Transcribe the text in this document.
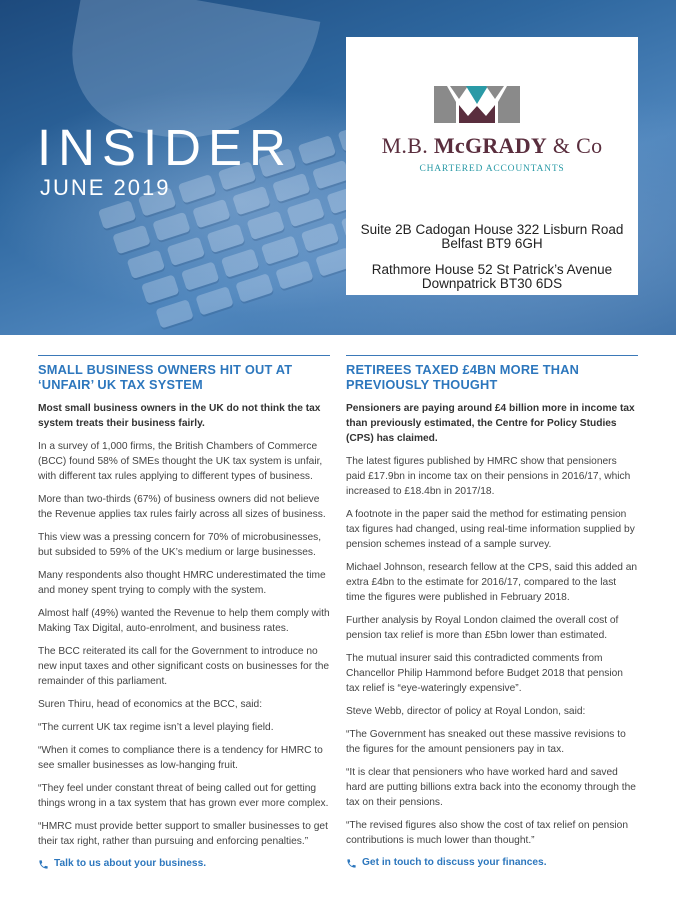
INSIDER
JUNE 2019
M.B. McGRADY & Co
CHARTERED ACCOUNTANTS
Suite 2B Cadogan House 322 Lisburn Road
Belfast BT9 6GH
Rathmore House 52 St Patrick’s Avenue
Downpatrick BT30 6DS
SMALL BUSINESS OWNERS HIT OUT AT ‘UNFAIR’ UK TAX SYSTEM
Most small business owners in the UK do not think the tax system treats their business fairly.
In a survey of 1,000 firms, the British Chambers of Commerce (BCC) found 58% of SMEs thought the UK tax system is unfair, with different tax rules applying to different types of business.
More than two-thirds (67%) of business owners did not believe the Revenue applies tax rules fairly across all sizes of business.
This view was a pressing concern for 70% of microbusinesses, but subsided to 59% of the UK’s medium or large businesses.
Many respondents also thought HMRC underestimated the time and money spent trying to comply with the system.
Almost half (49%) wanted the Revenue to help them comply with Making Tax Digital, auto-enrolment, and business rates.
The BCC reiterated its call for the Government to introduce no new input taxes and other significant costs on businesses for the remainder of this parliament.
Suren Thiru, head of economics at the BCC, said:
“The current UK tax regime isn’t a level playing field.
“When it comes to compliance there is a tendency for HMRC to see smaller businesses as low-hanging fruit.
“They feel under constant threat of being called out for getting things wrong in a tax system that has grown ever more complex.
“HMRC must provide better support to smaller businesses to get their tax right, rather than pursuing and enforcing penalties.”
Talk to us about your business.
RETIREES TAXED £4BN MORE THAN PREVIOUSLY THOUGHT
Pensioners are paying around £4 billion more in income tax than previously estimated, the Centre for Policy Studies (CPS) has claimed.
The latest figures published by HMRC show that pensioners paid £17.9bn in income tax on their pensions in 2016/17, which increased to £18.4bn in 2017/18.
A footnote in the paper said the method for estimating pension tax figures had changed, using real-time information supplied by pension schemes instead of a sample survey.
Michael Johnson, research fellow at the CPS, said this added an extra £4bn to the estimate for 2016/17, compared to the last time the figures were published in February 2018.
Further analysis by Royal London claimed the overall cost of pension tax relief is more than £5bn lower than estimated.
The mutual insurer said this contradicted comments from Chancellor Philip Hammond before Budget 2018 that pension tax relief is “eye-wateringly expensive”.
Steve Webb, director of policy at Royal London, said:
“The Government has sneaked out these massive revisions to the figures for the amount pensioners pay in tax.
“It is clear that pensioners who have worked hard and saved hard are putting billions extra back into the economy through the tax on their pensions.
“The revised figures also show the cost of tax relief on pension contributions is much lower than thought.”
Get in touch to discuss your finances.
